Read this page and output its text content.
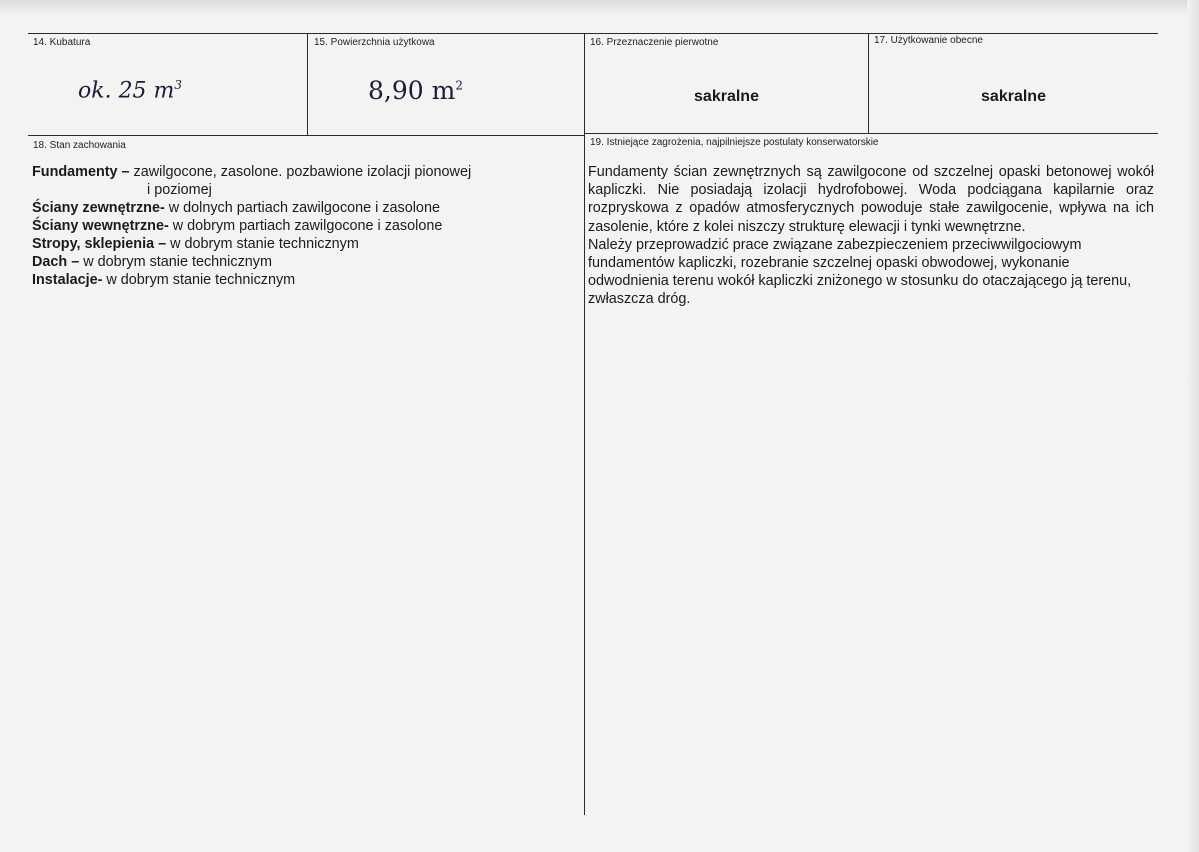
14. Kubatura
ok. 25 $m^3$
15. Powierzchnia użytkowa
8,90 $m^2$
16. Przeznaczenie pierwotne
sakralne
17. Użytkowanie obecne
sakralne
18. Stan zachowania	19. Istniejące zagrożenia, najpilniejsze postulaty konserwatorskie
Fundamenty – zawilgocone, zasolone. pozbawione izolacji pionowej
i poziomej
Ściany zewnętrzne- w dolnych partiach zawilgocone i zasolone
Ściany wewnętrzne- w dobrym partiach zawilgocone i zasolone
Stropy, sklepienia – w dobrym stanie technicznym
Dach – w dobrym stanie technicznym
Instalacje- w dobrym stanie technicznym

Fundamenty ścian zewnętrznych są zawilgocone od szczelnej opaski betonowej wokół kapliczki. Nie posiadają izolacji hydrofobowej. Woda podciągana kapilarnie oraz rozpryskowa z opadów atmosferycznych powoduje stałe zawilgocenie, wpływa na ich zasolenie, które z kolei niszczy strukturę elewacji i tynki wewnętrzne.

Należy przeprowadzić prace związane zabezpieczeniem przeciwwilgociowym fundamentów kapliczki, rozebranie szczelnej opaski obwodowej, wykonanie odwodnienia terenu wokół kapliczki zniżonego w stosunku do otaczającego ją terenu, zwłaszcza dróg.
